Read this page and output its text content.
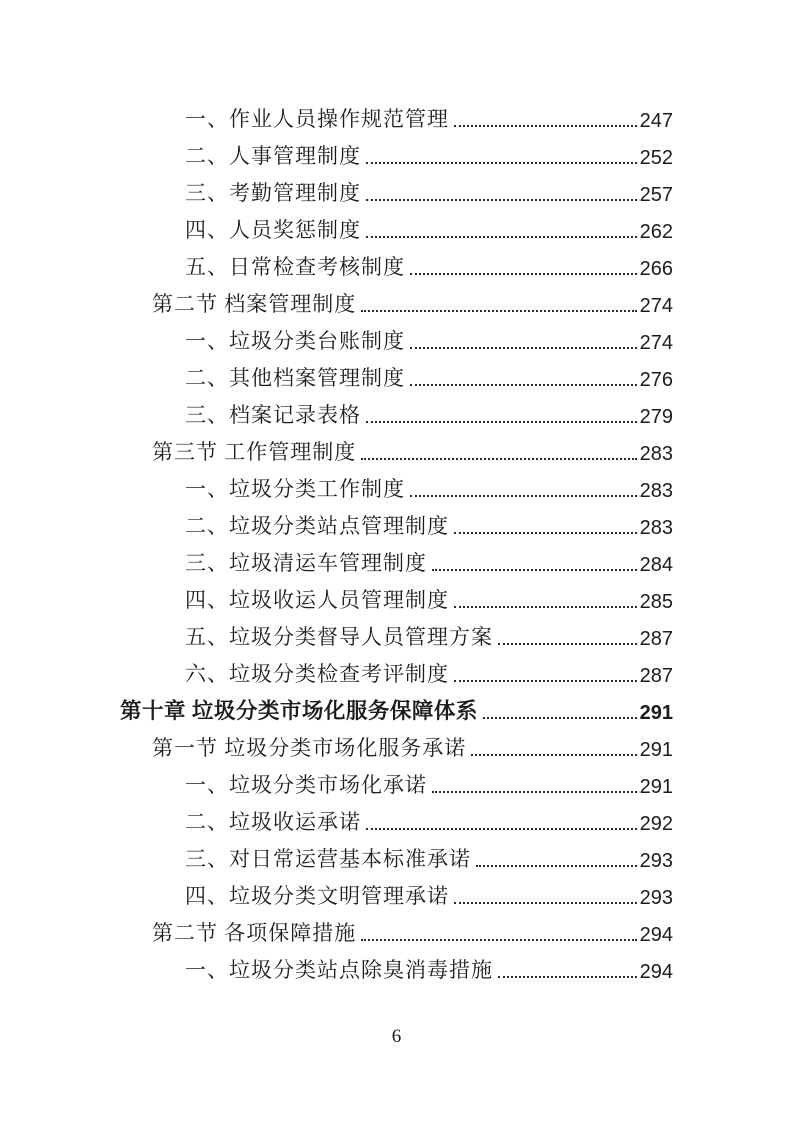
一、作业人员操作规范管理	247
二、人事管理制度	252
三、考勤管理制度	257
四、人员奖惩制度	262
五、日常检查考核制度	266
第二节 档案管理制度	274
一、垃圾分类台账制度	274
二、其他档案管理制度	276
三、档案记录表格	279
第三节 工作管理制度	283
一、垃圾分类工作制度	283
二、垃圾分类站点管理制度	283
三、垃圾清运车管理制度	284
四、垃圾收运人员管理制度	285
五、垃圾分类督导人员管理方案	287
六、垃圾分类检查考评制度	287
第十章 垃圾分类市场化服务保障体系	291
第一节 垃圾分类市场化服务承诺	291
一、垃圾分类市场化承诺	291
二、垃圾收运承诺	292
三、对日常运营基本标准承诺	293
四、垃圾分类文明管理承诺	293
第二节 各项保障措施	294
一、垃圾分类站点除臭消毒措施	294
6
